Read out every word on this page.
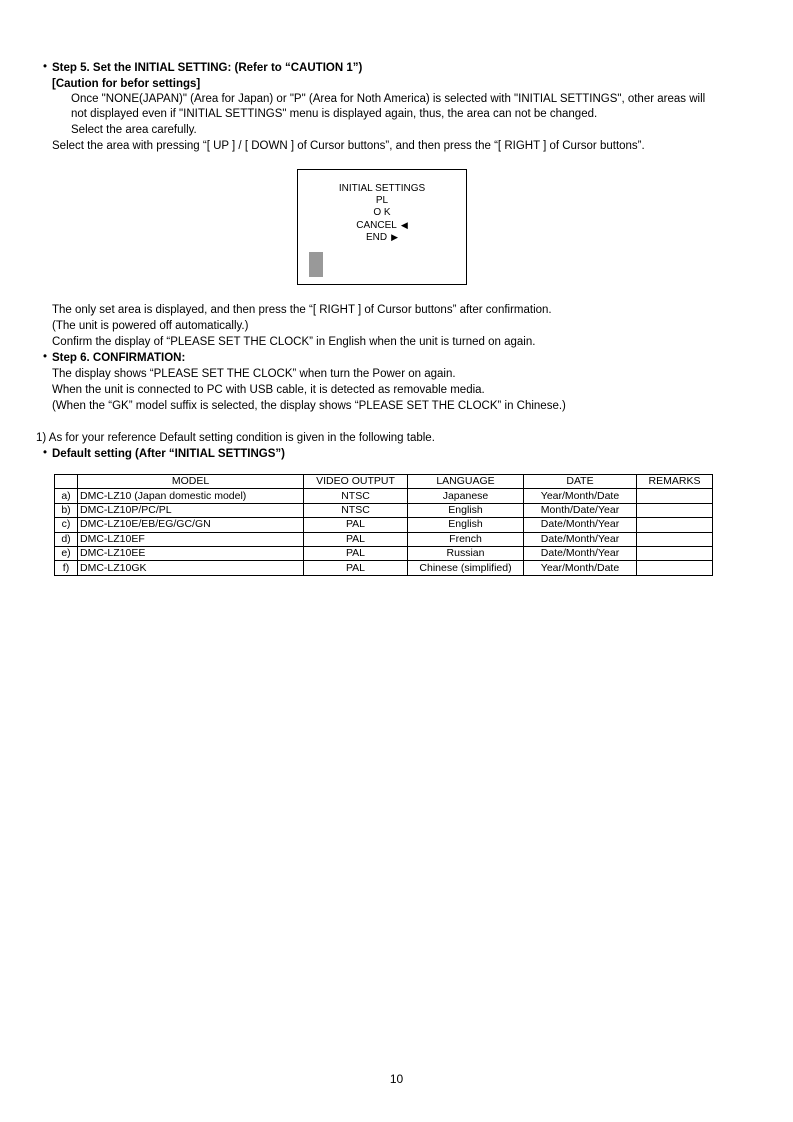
• Step 5. Set the INITIAL SETTING: (Refer to “CAUTION 1”)
[Caution for befor settings]
Once "NONE(JAPAN)" (Area for Japan) or "P" (Area for Noth America) is selected with "INITIAL SETTINGS", other areas will
not displayed even if "INITIAL SETTINGS" menu is displayed again, thus, the area can not be changed.
Select the area carefully.
Select the area with pressing “[ UP ] / [ DOWN ] of Cursor buttons”, and then press the “[ RIGHT ] of Cursor buttons”.
INITIAL SETTINGS
PL
O K
CANCEL ◀
END ▶
The only set area is displayed, and then press the “[ RIGHT ] of Cursor buttons” after confirmation.
(The unit is powered off automatically.)
Confirm the display of “PLEASE SET THE CLOCK” in English when the unit is turned on again.
• Step 6. CONFIRMATION:
The display shows “PLEASE SET THE CLOCK” when turn the Power on again.
When the unit is connected to PC with USB cable, it is detected as removable media.
(When the “GK” model suffix is selected, the display shows “PLEASE SET THE CLOCK” in Chinese.)
1) As for your reference Default setting condition is given in the following table.
• Default setting (After “INITIAL SETTINGS”)
	MODEL	VIDEO OUTPUT	LANGUAGE	DATE	REMARKS
a)	DMC-LZ10 (Japan domestic model)	NTSC	Japanese	Year/Month/Date	
b)	DMC-LZ10P/PC/PL	NTSC	English	Month/Date/Year	
c)	DMC-LZ10E/EB/EG/GC/GN	PAL	English	Date/Month/Year	
d)	DMC-LZ10EF	PAL	French	Date/Month/Year	
e)	DMC-LZ10EE	PAL	Russian	Date/Month/Year	
f)	DMC-LZ10GK	PAL	Chinese (simplified)	Year/Month/Date	
10
